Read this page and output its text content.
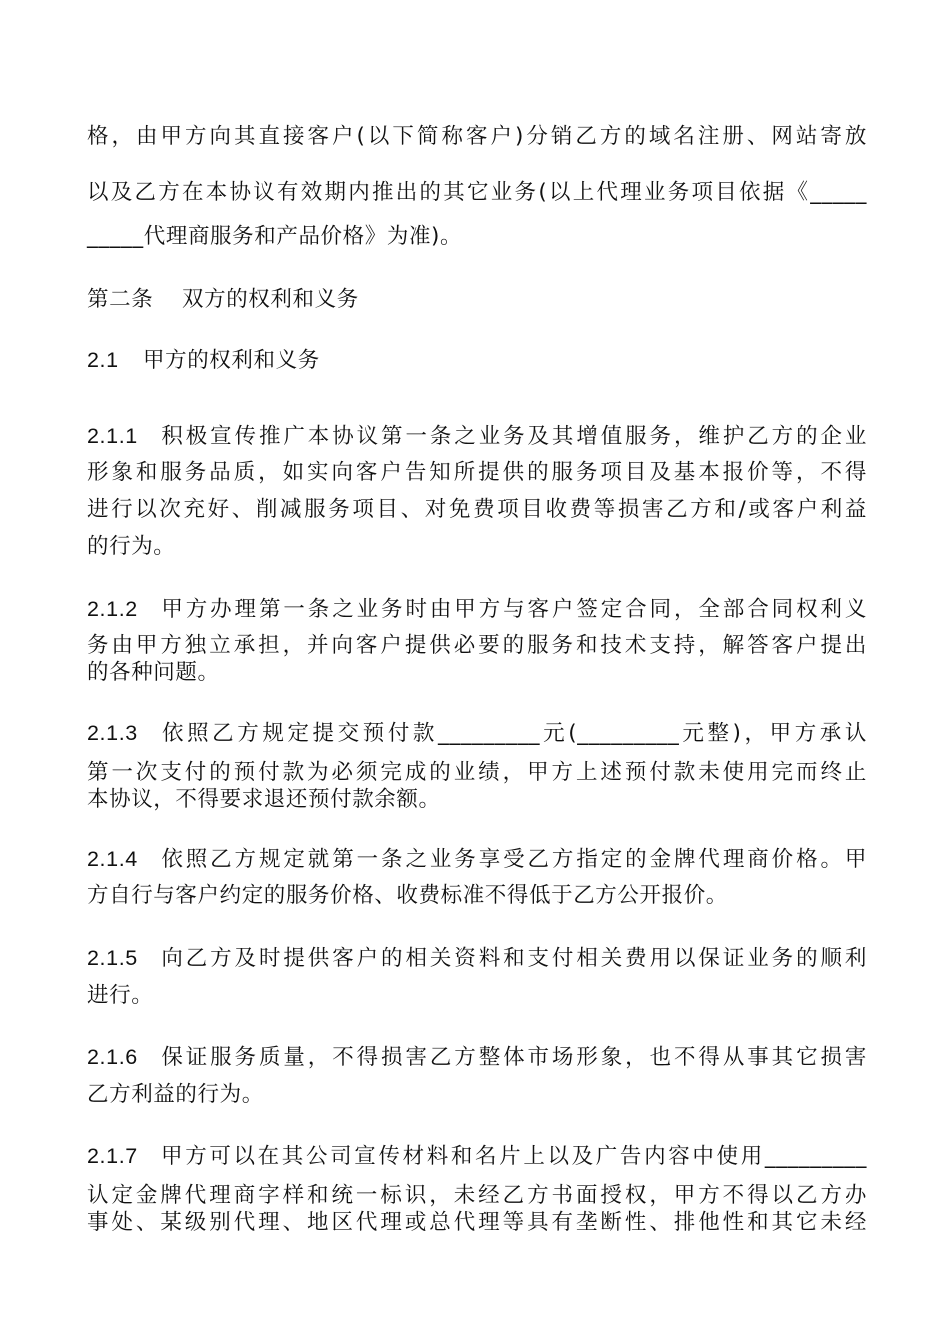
格，由甲方向其直接客户(以下简称客户)分销乙方的域名注册、网站寄放
以及乙方在本协议有效期内推出的其它业务(以上代理业务项目依据《_____
_____代理商服务和产品价格》为准)。
第二条 双方的权利和义务
2.1 甲方的权利和义务
2.1.1 积极宣传推广本协议第一条之业务及其增值服务，维护乙方的企业
形象和服务品质，如实向客户告知所提供的服务项目及基本报价等，不得
进行以次充好、削减服务项目、对免费项目收费等损害乙方和/或客户利益
的行为。
2.1.2 甲方办理第一条之业务时由甲方与客户签定合同，全部合同权利义
务由甲方独立承担，并向客户提供必要的服务和技术支持，解答客户提出
的各种问题。
2.1.3 依照乙方规定提交预付款_________元(_________元整)，甲方承认
第一次支付的预付款为必须完成的业绩，甲方上述预付款未使用完而终止
本协议，不得要求退还预付款余额。
2.1.4 依照乙方规定就第一条之业务享受乙方指定的金牌代理商价格。甲
方自行与客户约定的服务价格、收费标准不得低于乙方公开报价。
2.1.5 向乙方及时提供客户的相关资料和支付相关费用以保证业务的顺利
进行。
2.1.6 保证服务质量，不得损害乙方整体市场形象，也不得从事其它损害
乙方利益的行为。
2.1.7 甲方可以在其公司宣传材料和名片上以及广告内容中使用_________
认定金牌代理商字样和统一标识，未经乙方书面授权，甲方不得以乙方办
事处、某级别代理、地区代理或总代理等具有垄断性、排他性和其它未经
